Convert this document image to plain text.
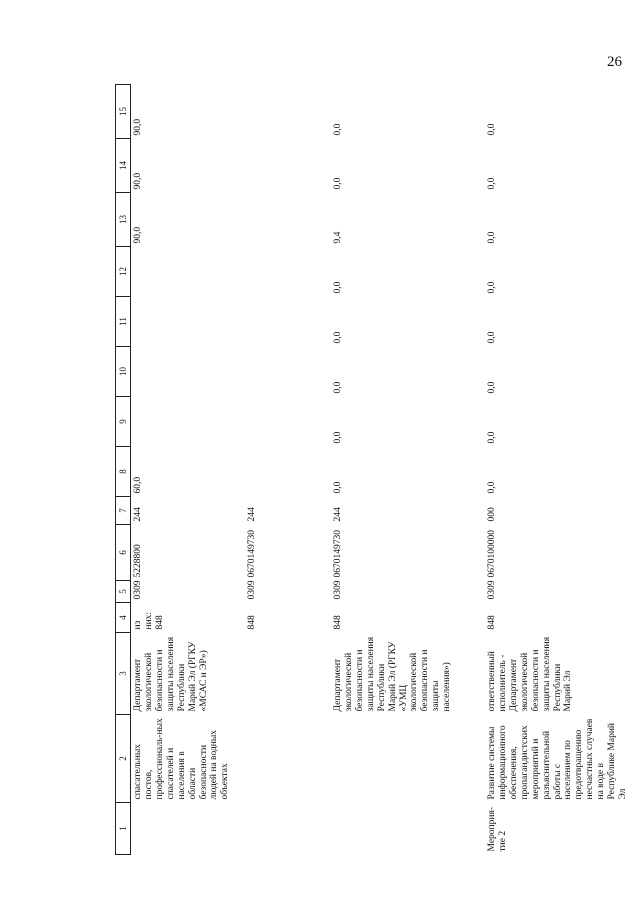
26
1	2	3	4	5	6	7	8	9	10	11	12	13	14	15
	спасательных постов, профессиональ-ных спасателей и населения в области безопасности людей на водных объектах	Департамент экологической безопасности и защиты населения Республики Марий Эл (РГКУ «МСАС и ЭР»)	из них: 848	0309	5228800	244	60,0					90,0	90,0	90,0
			848	0309	0670149730	244								
		Департамент экологической безопасности и защиты населения Республики Марий Эл (РГКУ «УМЦ экологической безопасности и защиты населения»)	848	0309	0670149730	244	0,0	0,0	0,0	0,0	0,0	9,4	0,0	0,0
Мероприя-тие 2	Развитие системы информационного обеспечения, пропагандистских мероприятий и разъяснительной работы с населением по предотвращению несчастных случаев на воде в Республике Марий Эл	ответственный исполнитель - Департамент экологической безопасности и защиты населения Республики Марий Эл	848	0309	0670100000	000	0,0	0,0	0,0	0,0	0,0	0,0	0,0	0,0
